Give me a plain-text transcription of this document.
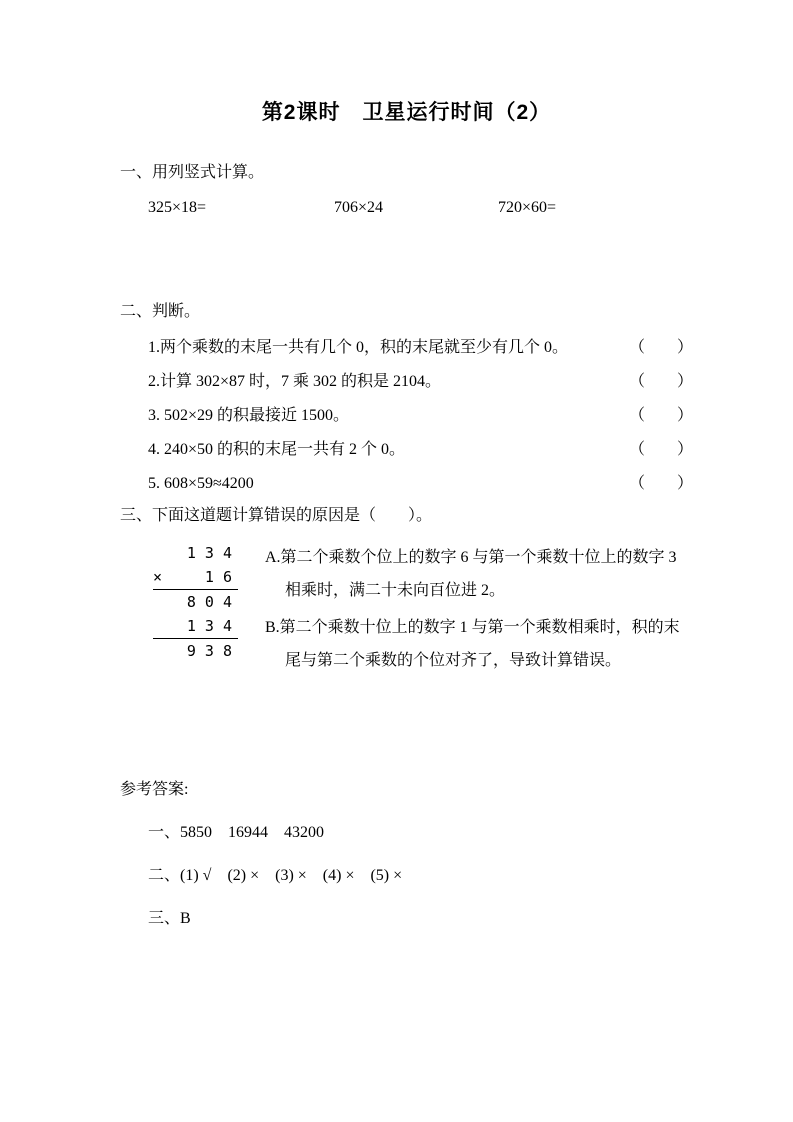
第2课时　卫星运行时间（2）
一、用列竖式计算。
325×18=	706×24	720×60=
二、判断。
1.两个乘数的末尾一共有几个 0，积的末尾就至少有几个 0。	（　　）
2.计算 302×87 时，7 乘 302 的积是 2104。	（　　）
3. 502×29 的积最接近 1500。	（　　）
4. 240×50 的积的末尾一共有 2 个 0。	（　　）
5. 608×59≈4200	（　　）
三、下面这道题计算错误的原因是（　　）。
1 3 4
×	1 6
8 0 4
1 3 4
9 3 8
A.第二个乘数个位上的数字 6 与第一个乘数十位上的数字 3 相乘时，满二十未向百位进 2。
B.第二个乘数十位上的数字 1 与第一个乘数相乘时，积的末尾与第二个乘数的个位对齐了，导致计算错误。
参考答案:
一、5850　16944　43200
二、(1) √　(2) ×　(3) ×　(4) ×　(5) ×
三、B
